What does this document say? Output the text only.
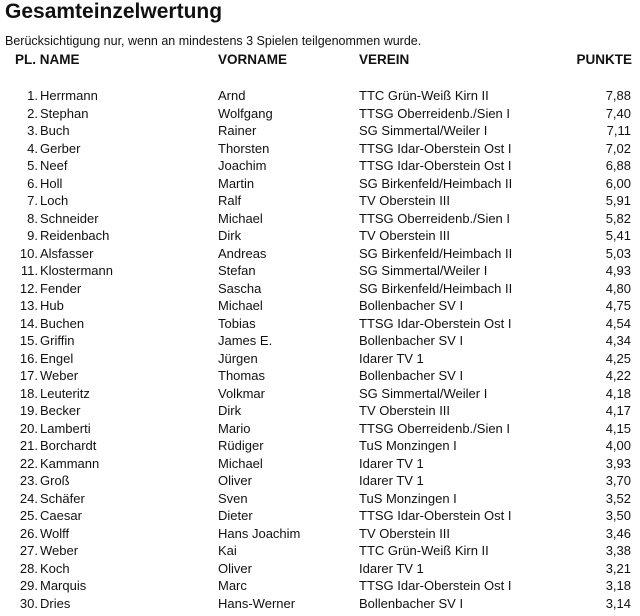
Gesamteinzelwertung
Berücksichtigung nur, wenn an mindestens 3 Spielen teilgenommen wurde.
PL. NAME	VORNAME	VEREIN	PUNKTE
1. Herrmann	Arnd	TTC Grün-Weiß Kirn II	7,88
2. Stephan	Wolfgang	TTSG Oberreidenb./Sien I	7,40
3. Buch	Rainer	SG Simmertal/Weiler I	7,11
4. Gerber	Thorsten	TTSG Idar-Oberstein Ost I	7,02
5. Neef	Joachim	TTSG Idar-Oberstein Ost I	6,88
6. Holl	Martin	SG Birkenfeld/Heimbach II	6,00
7. Loch	Ralf	TV Oberstein III	5,91
8. Schneider	Michael	TTSG Oberreidenb./Sien I	5,82
9. Reidenbach	Dirk	TV Oberstein III	5,41
10. Alsfasser	Andreas	SG Birkenfeld/Heimbach II	5,03
11. Klostermann	Stefan	SG Simmertal/Weiler I	4,93
12. Fender	Sascha	SG Birkenfeld/Heimbach II	4,80
13. Hub	Michael	Bollenbacher SV I	4,75
14. Buchen	Tobias	TTSG Idar-Oberstein Ost I	4,54
15. Griffin	James E.	Bollenbacher SV I	4,34
16. Engel	Jürgen	Idarer TV 1	4,25
17. Weber	Thomas	Bollenbacher SV I	4,22
18. Leuteritz	Volkmar	SG Simmertal/Weiler I	4,18
19. Becker	Dirk	TV Oberstein III	4,17
20. Lamberti	Mario	TTSG Oberreidenb./Sien I	4,15
21. Borchardt	Rüdiger	TuS Monzingen I	4,00
22. Kammann	Michael	Idarer TV 1	3,93
23. Groß	Oliver	Idarer TV 1	3,70
24. Schäfer	Sven	TuS Monzingen I	3,52
25. Caesar	Dieter	TTSG Idar-Oberstein Ost I	3,50
26. Wolff	Hans Joachim	TV Oberstein III	3,46
27. Weber	Kai	TTC Grün-Weiß Kirn II	3,38
28. Koch	Oliver	Idarer TV 1	3,21
29. Marquis	Marc	TTSG Idar-Oberstein Ost I	3,18
30. Dries	Hans-Werner	Bollenbacher SV I	3,14
